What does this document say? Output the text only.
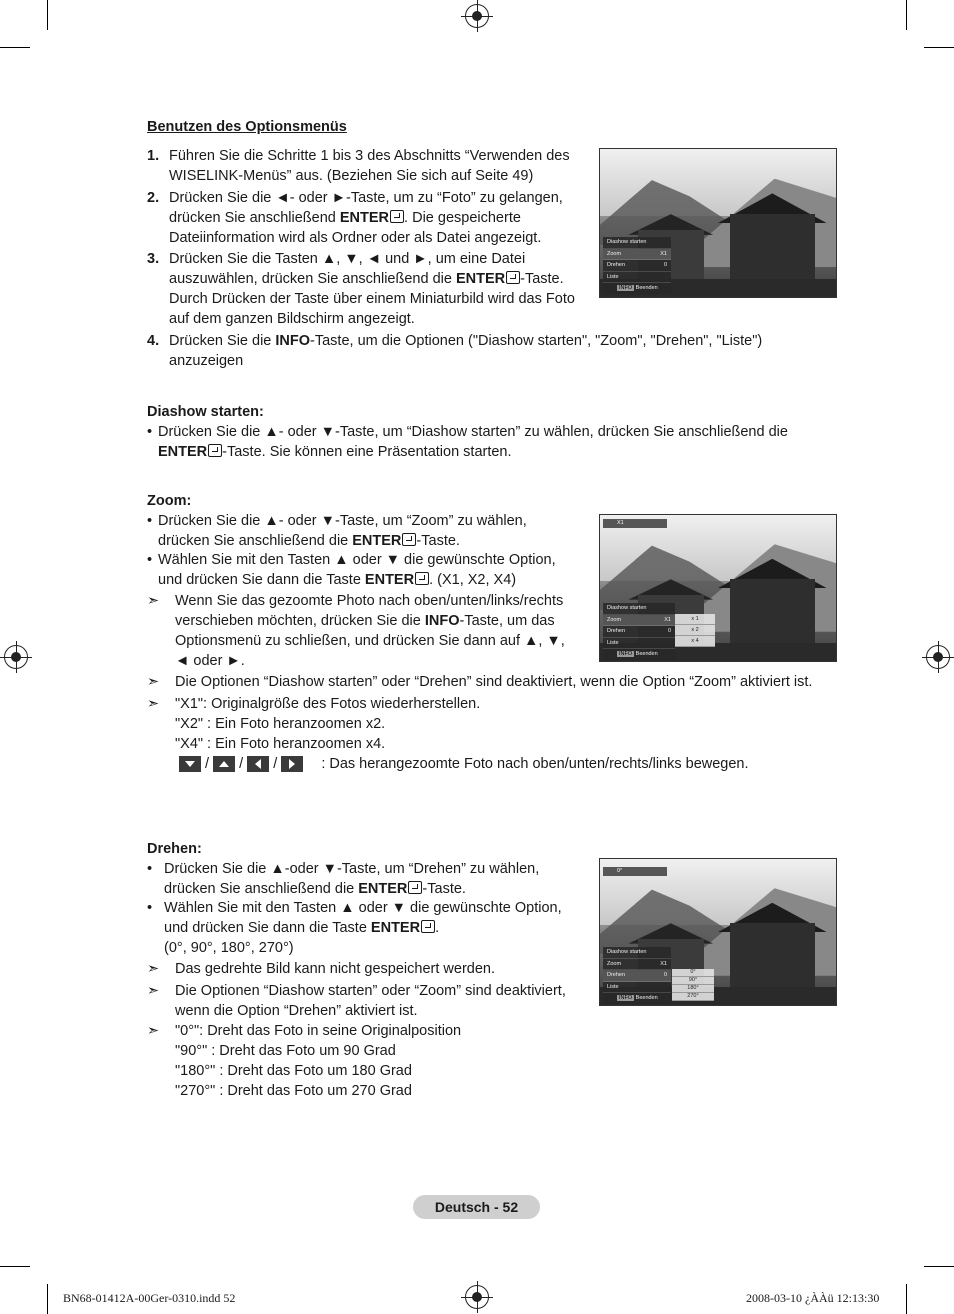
Benutzen des Optionsmenüs
1. Führen Sie die Schritte 1 bis 3 des Abschnitts “Verwenden des
WISELINK-Menüs” aus. (Beziehen Sie sich auf Seite 49)
2. Drücken Sie die ◄- oder ►-Taste, um zu “Foto” zu gelangen,
drücken Sie anschließend ENTER . Die gespeicherte
Dateiinformation wird als Ordner oder als Datei angezeigt.
3. Drücken Sie die Tasten ▲, ▼, ◄ und ►, um eine Datei
auszuwählen, drücken Sie anschließend die ENTER -Taste.
Durch Drücken der Taste über einem Miniaturbild wird das Foto
auf dem ganzen Bildschirm angezeigt.
4. Drücken Sie die INFO-Taste, um die Optionen ("Diashow starten", "Zoom", "Drehen", "Liste")
anzuzeigen
Diashow starten
Zoom	X1
Drehen	0
Liste
INFO Beenden
Diashow starten:
• Drücken Sie die ▲- oder ▼-Taste, um “Diashow starten” zu wählen, drücken Sie anschließend die
ENTER -Taste. Sie können eine Präsentation starten.
Zoom:
• Drücken Sie die ▲- oder ▼-Taste, um “Zoom” zu wählen,
drücken Sie anschließend die ENTER -Taste.
• Wählen Sie mit den Tasten ▲ oder ▼ die gewünschte Option,
und drücken Sie dann die Taste ENTER . (X1, X2, X4)
➣ Wenn Sie das gezoomte Photo nach oben/unten/links/rechts
verschieben möchten, drücken Sie die INFO-Taste, um das
Optionsmenü zu schließen, und drücken Sie dann auf ▲, ▼,
◄ oder ►.
➣ Die Optionen “Diashow starten” oder “Drehen” sind deaktiviert, wenn die Option “Zoom” aktiviert ist.
➣ "X1": Originalgröße des Fotos wiederherstellen.
"X2" : Ein Foto heranzoomen x2.
"X4" : Ein Foto heranzoomen x4.
/ / /	: Das herangezoomte Foto nach oben/unten/rechts/links bewegen.
X1
Diashow starten
Zoom	X1
Drehen	0
Liste
INFO Beenden
x 1
x 2
x 4
Drehen:
• Drücken Sie die ▲-oder ▼-Taste, um “Drehen” zu wählen,
drücken Sie anschließend die ENTER -Taste.
• Wählen Sie mit den Tasten ▲ oder ▼ die gewünschte Option,
und drücken Sie dann die Taste ENTER .
(0°, 90°, 180°, 270°)
➣ Das gedrehte Bild kann nicht gespeichert werden.
➣ Die Optionen “Diashow starten” oder “Zoom” sind deaktiviert,
wenn die Option “Drehen” aktiviert ist.
➣ "0°": Dreht das Foto in seine Originalposition
"90°" : Dreht das Foto um 90 Grad
"180°" : Dreht das Foto um 180 Grad
"270°" : Dreht das Foto um 270 Grad
0°
Diashow starten
Zoom	X1
Drehen	0
Liste
INFO Beenden
0°
90°
180°
270°
Deutsch - 52
BN68-01412A-00Ger-0310.indd 52	2008-03-10 ¿ÀÀü 12:13:30
